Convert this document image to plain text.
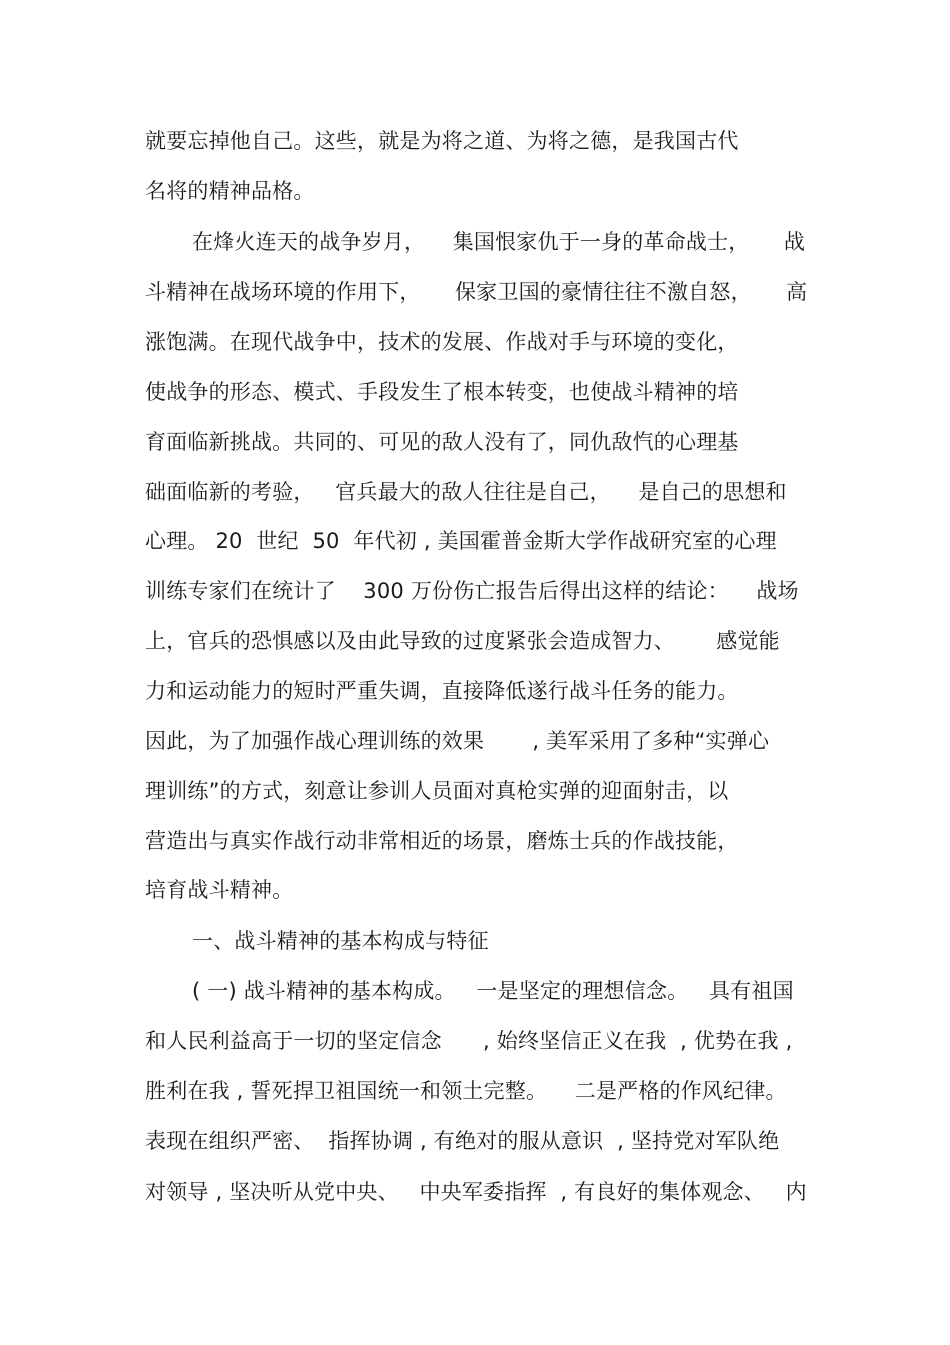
就要忘掉他自己。这些，就是为将之道、为将之德，是我国古代
名将的精神品格。
在烽火连天的战争岁月，    集国恨家仇于一身的革命战士，     战
斗精神在战场环境的作用下，     保家卫国的豪情往往不激自怒，     高
涨饱满。在现代战争中，技术的发展、作战对手与环境的变化，
使战争的形态、模式、手段发生了根本转变，也使战斗精神的培
育面临新挑战。共同的、可见的敌人没有了，同仇敌忾的心理基
础面临新的考验，   官兵最大的敌人往往是自己，    是自己的思想和
心理。 20  世纪  50  年代初 , 美国霍普金斯大学作战研究室的心理
训练专家们在统计了    300 万份伤亡报告后得出这样的结论：    战场
上，官兵的恐惧感以及由此导致的过度紧张会造成智力、      感觉能
力和运动能力的短时严重失调，直接降低遂行战斗任务的能力。
因此，为了加强作战心理训练的效果       , 美军采用了多种“实弹心
理训练”的方式，刻意让参训人员面对真枪实弹的迎面射击，以
营造出与真实作战行动非常相近的场景，磨炼士兵的作战技能，
培育战斗精神。
一、战斗精神的基本构成与特征
( 一) 战斗精神的基本构成。   一是坚定的理想信念。   具有祖国
和人民利益高于一切的坚定信念      , 始终坚信正义在我  , 优势在我 ,
胜利在我 , 誓死捍卫祖国统一和领土完整。    二是严格的作风纪律。
表现在组织严密、  指挥协调 , 有绝对的服从意识  , 坚持党对军队绝
对领导 , 坚决听从党中央、   中央军委指挥  , 有良好的集体观念、   内
